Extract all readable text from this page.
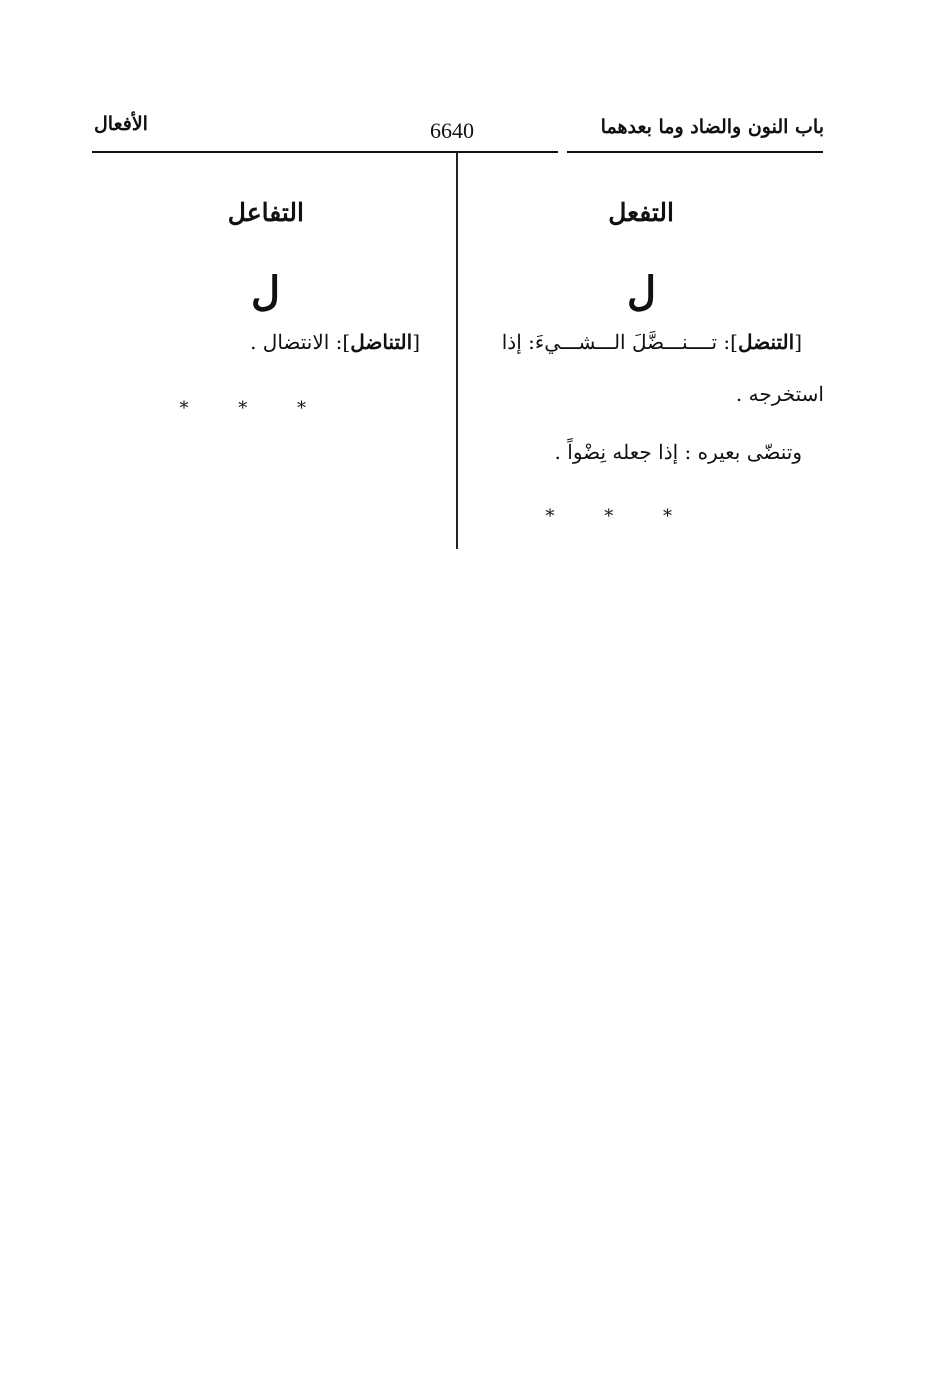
باب النون والضاد وما بعدهما
6640
الأفعال
التفعل
ل
[التنضل]: تــــنـــضَّلَ الـــشـــيءَ: إذا
استخرجه .
وتنضّى بعيره : إذا جعله نِضْواً .
* * *
التفاعل
ل
[التناضل]: الانتضال .
* * *
